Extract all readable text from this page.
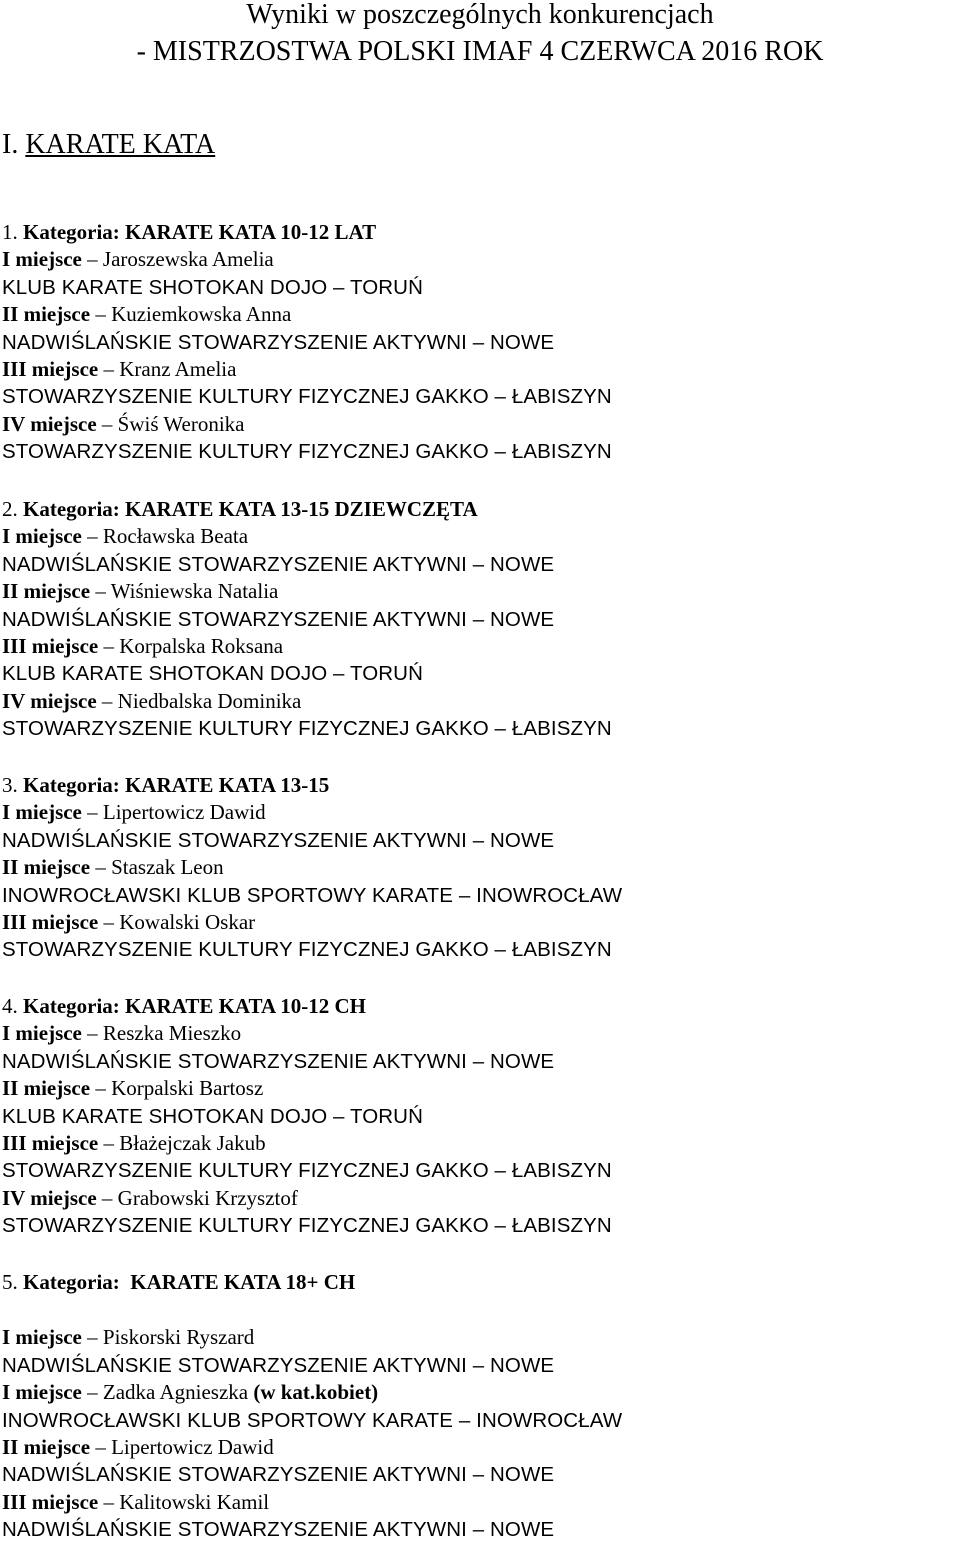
Wyniki w poszczególnych konkurencjach
- MISTRZOSTWA POLSKI IMAF 4 CZERWCA 2016 ROK
I. KARATE KATA
1. Kategoria: KARATE KATA 10-12 LAT
I miejsce – Jaroszewska Amelia
KLUB KARATE SHOTOKAN DOJO – TORUŃ
II miejsce – Kuziemkowska Anna
NADWIŚLAŃSKIE STOWARZYSZENIE AKTYWNI – NOWE
III miejsce – Kranz Amelia
STOWARZYSZENIE KULTURY FIZYCZNEJ GAKKO – ŁABISZYN
IV miejsce – Świś Weronika
STOWARZYSZENIE KULTURY FIZYCZNEJ GAKKO – ŁABISZYN
2. Kategoria: KARATE KATA 13-15 DZIEWCZĘTA
I miejsce – Rocławska Beata
NADWIŚLAŃSKIE STOWARZYSZENIE AKTYWNI – NOWE
II miejsce – Wiśniewska Natalia
NADWIŚLAŃSKIE STOWARZYSZENIE AKTYWNI – NOWE
III miejsce – Korpalska Roksana
KLUB KARATE SHOTOKAN DOJO – TORUŃ
IV miejsce – Niedbalska Dominika
STOWARZYSZENIE KULTURY FIZYCZNEJ GAKKO – ŁABISZYN
3. Kategoria: KARATE KATA 13-15
I miejsce – Lipertowicz Dawid
NADWIŚLAŃSKIE STOWARZYSZENIE AKTYWNI – NOWE
II miejsce – Staszak Leon
INOWROCŁAWSKI KLUB SPORTOWY KARATE – INOWROCŁAW
III miejsce – Kowalski Oskar
STOWARZYSZENIE KULTURY FIZYCZNEJ GAKKO – ŁABISZYN
4. Kategoria: KARATE KATA 10-12 CH
I miejsce – Reszka Mieszko
NADWIŚLAŃSKIE STOWARZYSZENIE AKTYWNI – NOWE
II miejsce – Korpalski Bartosz
KLUB KARATE SHOTOKAN DOJO – TORUŃ
III miejsce – Błażejczak Jakub
STOWARZYSZENIE KULTURY FIZYCZNEJ GAKKO – ŁABISZYN
IV miejsce – Grabowski Krzysztof
STOWARZYSZENIE KULTURY FIZYCZNEJ GAKKO – ŁABISZYN
5. Kategoria:  KARATE KATA 18+ CH
I miejsce – Piskorski Ryszard
NADWIŚLAŃSKIE STOWARZYSZENIE AKTYWNI – NOWE
I miejsce – Zadka Agnieszka (w kat.kobiet)
INOWROCŁAWSKI KLUB SPORTOWY KARATE – INOWROCŁAW
II miejsce – Lipertowicz Dawid
NADWIŚLAŃSKIE STOWARZYSZENIE AKTYWNI – NOWE
III miejsce – Kalitowski Kamil
NADWIŚLAŃSKIE STOWARZYSZENIE AKTYWNI – NOWE
